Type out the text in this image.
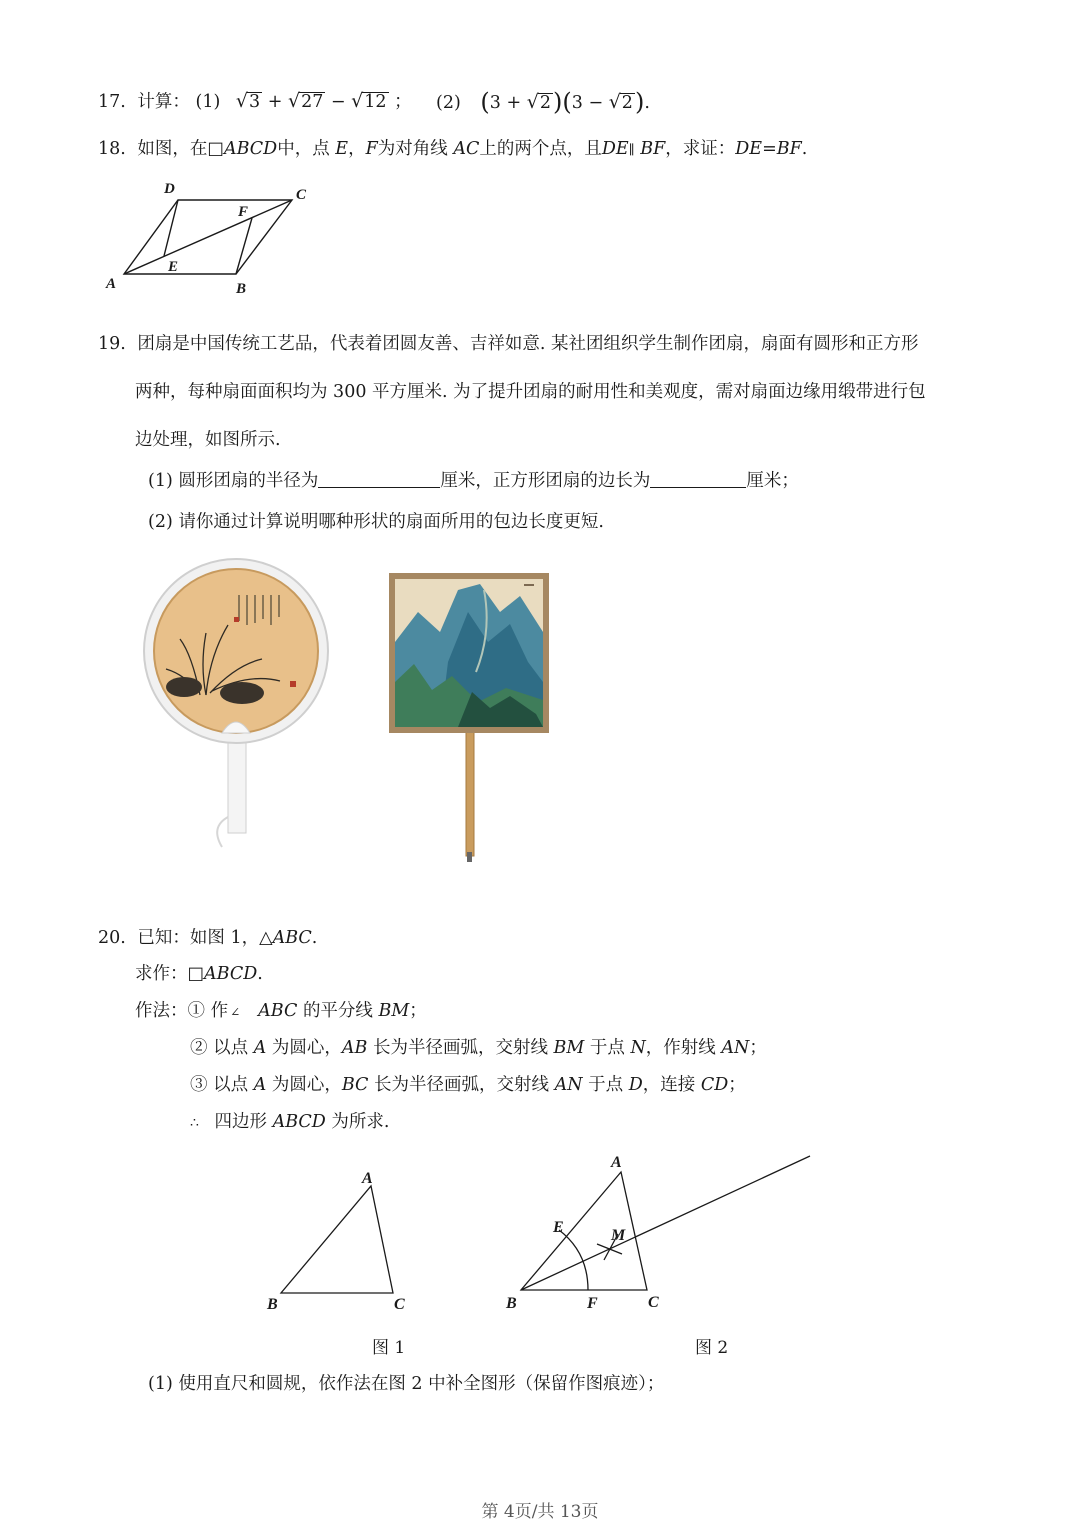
17. 计算： (1) √3 + √27 − √12 ； (2) (3 + √2)(3 − √2).
18. 如图，在□ABCD中，点 E，F为对角线 AC上的两个点，且DE∥ BF，求证：DE=BF.
D	C
F
E
A	B
19. 团扇是中国传统工艺品，代表着团圆友善、吉祥如意. 某社团组织学生制作团扇，扇面有圆形和正方形
两种，每种扇面面积均为 300 平方厘米. 为了提升团扇的耐用性和美观度，需对扇面边缘用缎带进行包
边处理，如图所示.
(1) 圆形团扇的半径为	厘米，正方形团扇的边长为	厘米；
(2) 请你通过计算说明哪种形状的扇面所用的包边长度更短.
20. 已知：如图 1，△ABC.
求作：□ABCD.
作法：① 作 ∠ ABC 的平分线 BM；
② 以点 A 为圆心，AB 长为半径画弧，交射线 BM 于点 N，作射线 AN；
③ 以点 A 为圆心，BC 长为半径画弧，交射线 AN 于点 D，连接 CD；
∴ 四边形 ABCD 为所求.
A
B	C
图 1
A
E	M
B	F	C
图 2
(1) 使用直尺和圆规，依作法在图 2 中补全图形（保留作图痕迹）；
第 4页/共 13页
